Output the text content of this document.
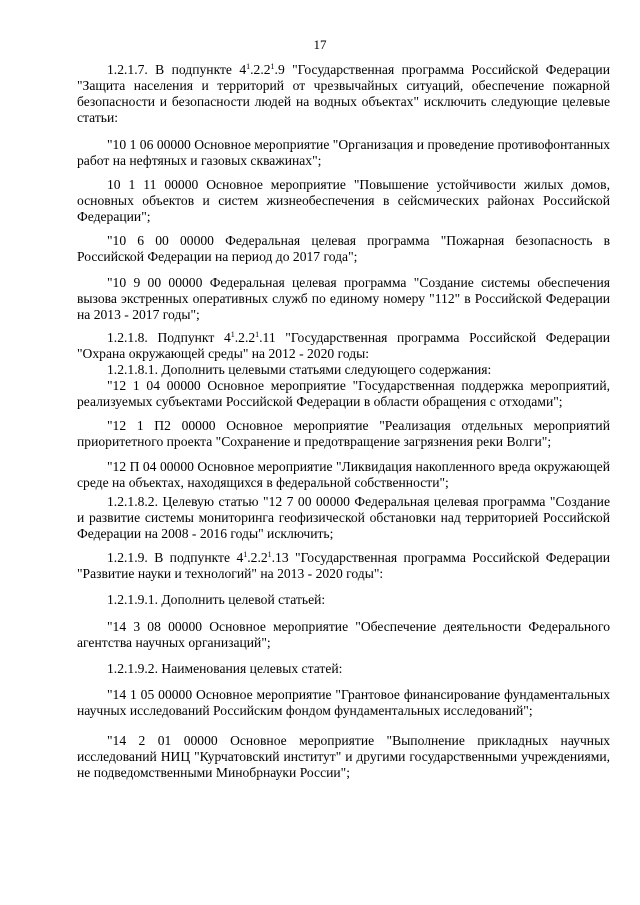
17

1.2.1.7. В подпункте $4^1.2.2^1.9$ "Государственная программа Российской Федерации "Защита населения и территорий от чрезвычайных ситуаций, обеспечение пожарной безопасности и безопасности людей на водных объектах" исключить следующие целевые статьи:

"10 1 06 00000 Основное мероприятие "Организация и проведение противофонтанных работ на нефтяных и газовых скважинах";

10 1 11 00000 Основное мероприятие "Повышение устойчивости жилых домов, основных объектов и систем жизнеобеспечения в сейсмических районах Российской Федерации";

"10 6 00 00000 Федеральная целевая программа "Пожарная безопасность в Российской Федерации на период до 2017 года";

"10 9 00 00000 Федеральная целевая программа "Создание системы обеспечения вызова экстренных оперативных служб по единому номеру "112" в Российской Федерации на 2013 - 2017 годы";

1.2.1.8. Подпункт $4^1.2.2^1.11$ "Государственная программа Российской Федерации "Охрана окружающей среды" на 2012 - 2020 годы:

1.2.1.8.1. Дополнить целевыми статьями следующего содержания:

"12 1 04 00000 Основное мероприятие "Государственная поддержка мероприятий, реализуемых субъектами Российской Федерации в области обращения с отходами";

"12 1 П2 00000 Основное мероприятие "Реализация отдельных мероприятий приоритетного проекта "Сохранение и предотвращение загрязнения реки Волги";

"12 П 04 00000 Основное мероприятие "Ликвидация накопленного вреда окружающей среде на объектах, находящихся в федеральной собственности";

1.2.1.8.2. Целевую статью "12 7 00 00000 Федеральная целевая программа "Создание и развитие системы мониторинга геофизической обстановки над территорией Российской Федерации на 2008 - 2016 годы" исключить;

1.2.1.9. В подпункте $4^1.2.2^1.13$ "Государственная программа Российской Федерации "Развитие науки и технологий" на 2013 - 2020 годы":

1.2.1.9.1. Дополнить целевой статьей:

"14 3 08 00000 Основное мероприятие "Обеспечение деятельности Федерального агентства научных организаций";

1.2.1.9.2. Наименования целевых статей:

"14 1 05 00000 Основное мероприятие "Грантовое финансирование фундаментальных научных исследований Российским фондом фундаментальных исследований";

"14 2 01 00000 Основное мероприятие "Выполнение прикладных научных исследований НИЦ "Курчатовский институт" и другими государственными учреждениями, не подведомственными Минобрнауки России";
